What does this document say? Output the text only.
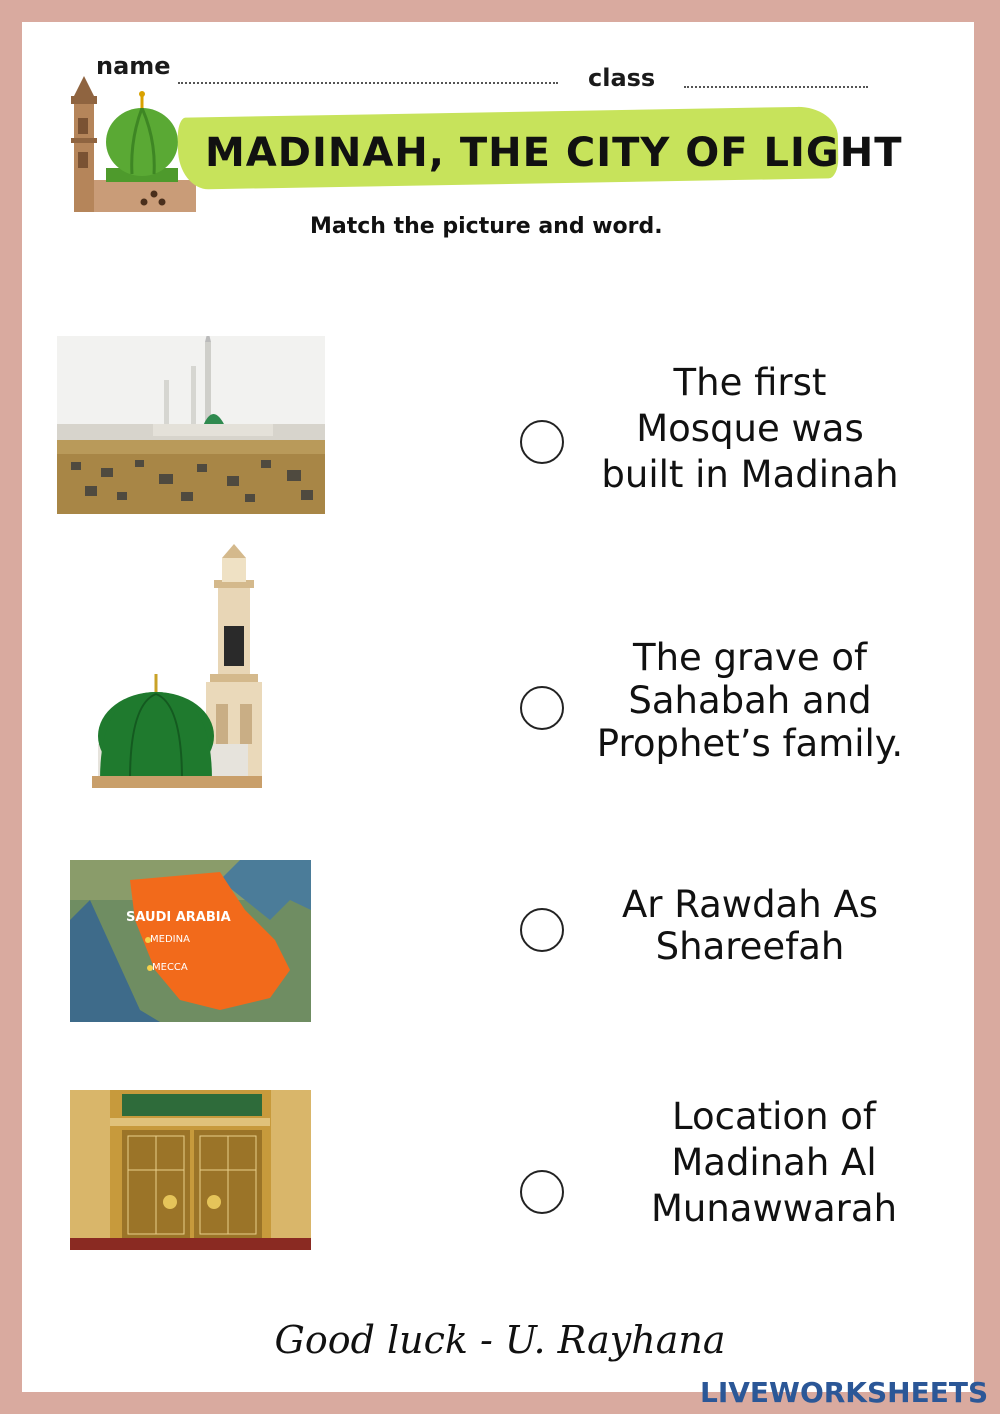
name	class
MADINAH, THE CITY OF LIGHT
Match the picture and word.
SAUDI ARABIA
MEDINA
MECCA
The first
Mosque was
built in Madinah
The grave of
Sahabah and
Prophet’s family.
Ar Rawdah As
Shareefah
Location of
Madinah Al
Munawwarah
Good luck - U. Rayhana
LIVEWORKSHEETS
